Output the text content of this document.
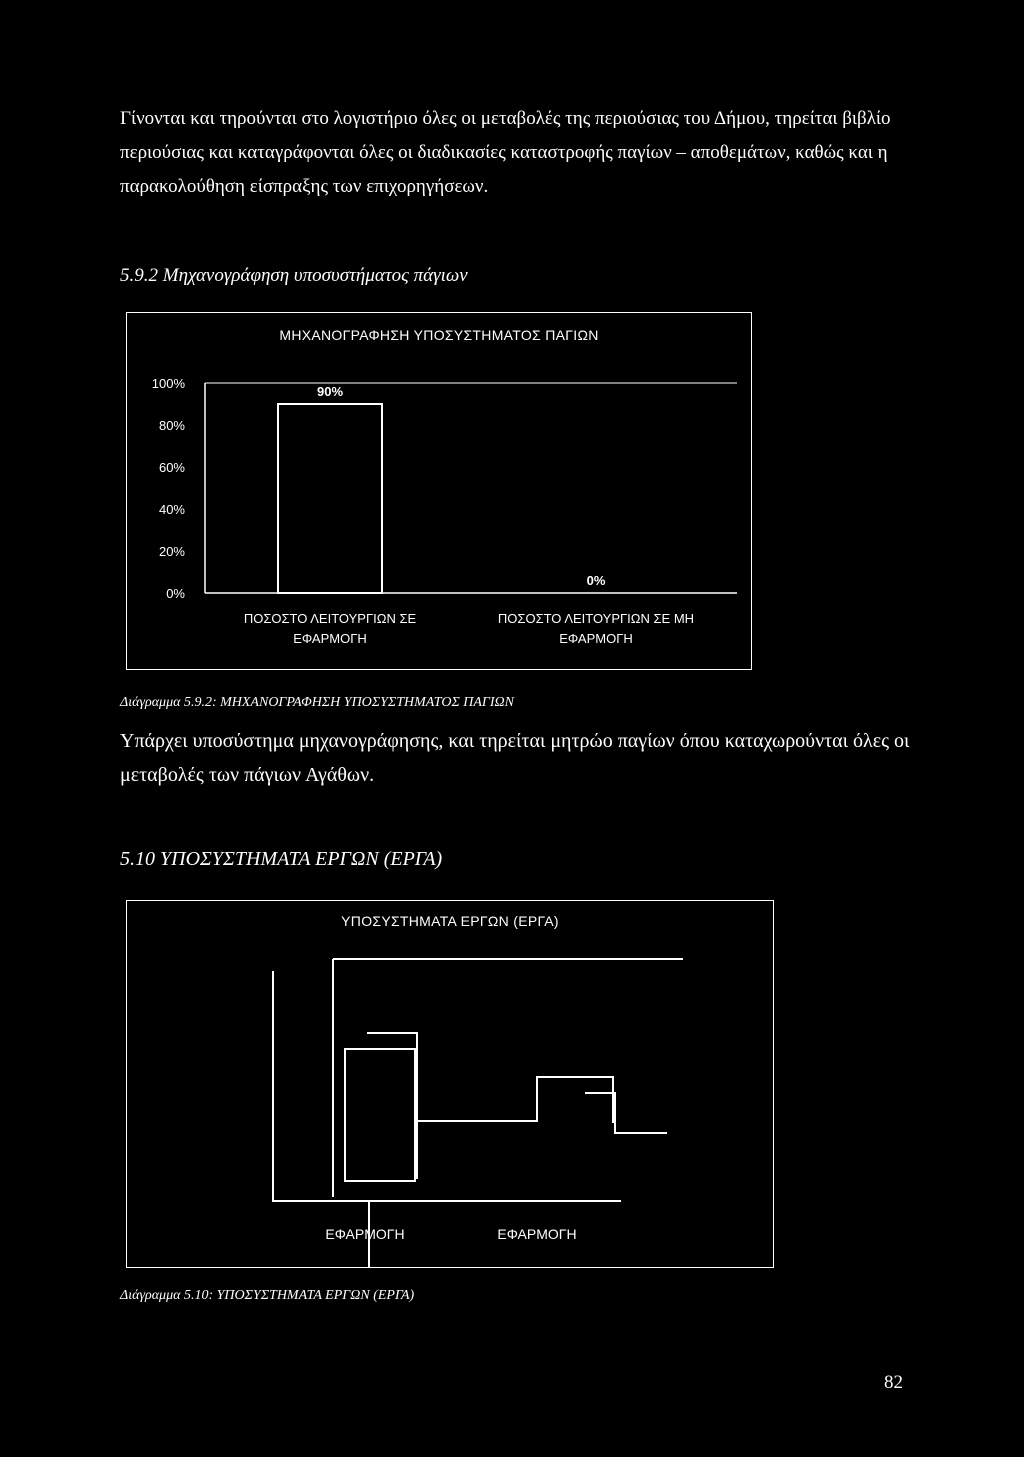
Γίνονται και τηρούνται στο λογιστήριο όλες οι μεταβολές της περιούσιας του Δήμου, τηρείται βιβλίο περιούσιας και καταγράφονται όλες οι διαδικασίες καταστροφής παγίων – αποθεμάτων, καθώς και η παρακολούθηση είσπραξης των επιχορηγήσεων.

5.9.2 Μηχανογράφηση υποσυστήματος πάγιων

ΜΗΧΑΝΟΓΡΑΦΗΣΗ ΥΠΟΣΥΣΤΗΜΑΤΟΣ ΠΑΓΙΩΝ
100%
80%
60%
40%
20%
0%
90%
ΠΟΣΟΣΤΟ ΛΕΙΤΟΥΡΓΙΩΝ ΣΕ
ΕΦΑΡΜΟΓΗ
0%
ΠΟΣΟΣΤΟ ΛΕΙΤΟΥΡΓΙΩΝ ΣΕ ΜΗ
ΕΦΑΡΜΟΓΗ

Διάγραμμα 5.9.2: ΜΗΧΑΝΟΓΡΑΦΗΣΗ ΥΠΟΣΥΣΤΗΜΑΤΟΣ ΠΑΓΙΩΝ

Υπάρχει υποσύστημα μηχανογράφησης, και τηρείται μητρώο παγίων όπου καταχωρούνται όλες οι μεταβολές των πάγιων Αγάθων.

5.10 ΥΠΟΣΥΣΤΗΜΑΤΑ ΕΡΓΩΝ (ΕΡΓΑ)

ΥΠΟΣΥΣΤΗΜΑΤΑ ΕΡΓΩΝ (ΕΡΓΑ)
ΕΦΑΡΜΟΓΗ	ΕΦΑΡΜΟΓΗ

Διάγραμμα 5.10: ΥΠΟΣΥΣΤΗΜΑΤΑ ΕΡΓΩΝ (ΕΡΓΑ)

82
